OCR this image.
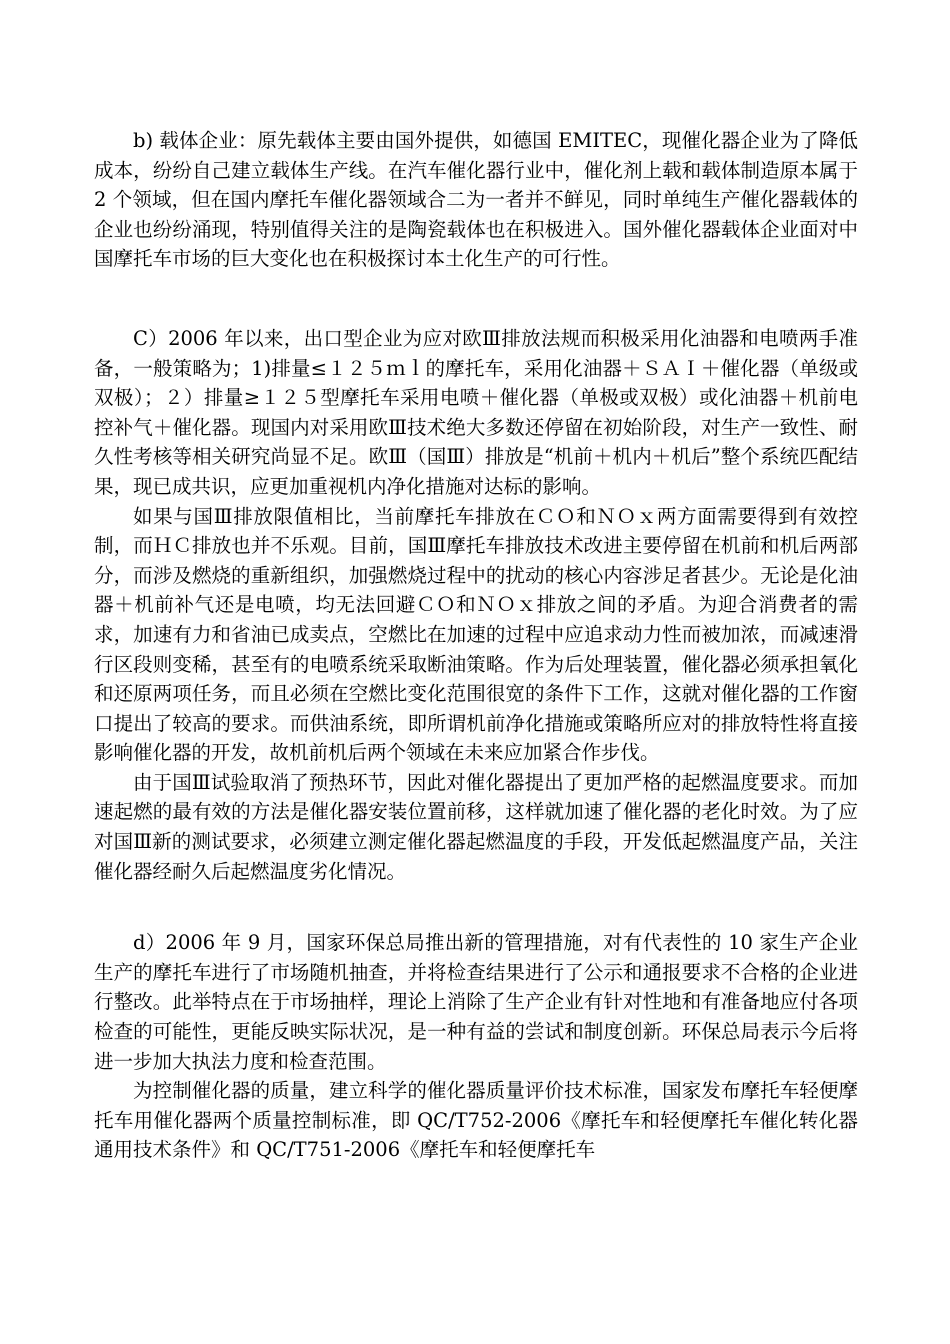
b) 载体企业：原先载体主要由国外提供，如德国 EMITEC，现催化器企业为了降低成本，纷纷自己建立载体生产线。在汽车催化器行业中，催化剂上载和载体制造原本属于 2 个领域，但在国内摩托车催化器领域合二为一者并不鲜见，同时单纯生产催化器载体的企业也纷纷涌现，特别值得关注的是陶瓷载体也在积极进入。国外催化器载体企业面对中国摩托车市场的巨大变化也在积极探讨本土化生产的可行性。

C）2006 年以来，出口型企业为应对欧Ⅲ排放法规而积极采用化油器和电喷两手准备，一般策略为；1)排量≤１２５ｍｌ的摩托车，采用化油器＋ＳＡＩ＋催化器（单级或双极）；２）排量≥１２５型摩托车采用电喷＋催化器（单极或双极）或化油器＋机前电控补气＋催化器。现国内对采用欧Ⅲ技术绝大多数还停留在初始阶段，对生产一致性、耐久性考核等相关研究尚显不足。欧Ⅲ（国Ⅲ）排放是“机前＋机内＋机后”整个系统匹配结果，现已成共识，应更加重视机内净化措施对达标的影响。

如果与国Ⅲ排放限值相比，当前摩托车排放在ＣＯ和ＮＯｘ两方面需要得到有效控制，而ＨＣ排放也并不乐观。目前，国Ⅲ摩托车排放技术改进主要停留在机前和机后两部分，而涉及燃烧的重新组织，加强燃烧过程中的扰动的核心内容涉足者甚少。无论是化油器＋机前补气还是电喷，均无法回避ＣＯ和ＮＯｘ排放之间的矛盾。为迎合消费者的需求，加速有力和省油已成卖点，空燃比在加速的过程中应追求动力性而被加浓，而减速滑行区段则变稀，甚至有的电喷系统采取断油策略。作为后处理装置，催化器必须承担氧化和还原两项任务，而且必须在空燃比变化范围很宽的条件下工作，这就对催化器的工作窗口提出了较高的要求。而供油系统，即所谓机前净化措施或策略所应对的排放特性将直接影响催化器的开发，故机前机后两个领域在未来应加紧合作步伐。

由于国Ⅲ试验取消了预热环节，因此对催化器提出了更加严格的起燃温度要求。而加速起燃的最有效的方法是催化器安装位置前移，这样就加速了催化器的老化时效。为了应对国Ⅲ新的测试要求，必须建立测定催化器起燃温度的手段，开发低起燃温度产品，关注催化器经耐久后起燃温度劣化情况。

d）2006 年 9 月，国家环保总局推出新的管理措施，对有代表性的 10 家生产企业生产的摩托车进行了市场随机抽查，并将检查结果进行了公示和通报要求不合格的企业进行整改。此举特点在于市场抽样，理论上消除了生产企业有针对性地和有准备地应付各项检查的可能性，更能反映实际状况，是一种有益的尝试和制度创新。环保总局表示今后将进一步加大执法力度和检查范围。

为控制催化器的质量，建立科学的催化器质量评价技术标准，国家发布摩托车轻便摩托车用催化器两个质量控制标准，即 QC/T752-2006《摩托车和轻便摩托车催化转化器通用技术条件》和 QC/T751-2006《摩托车和轻便摩托车
